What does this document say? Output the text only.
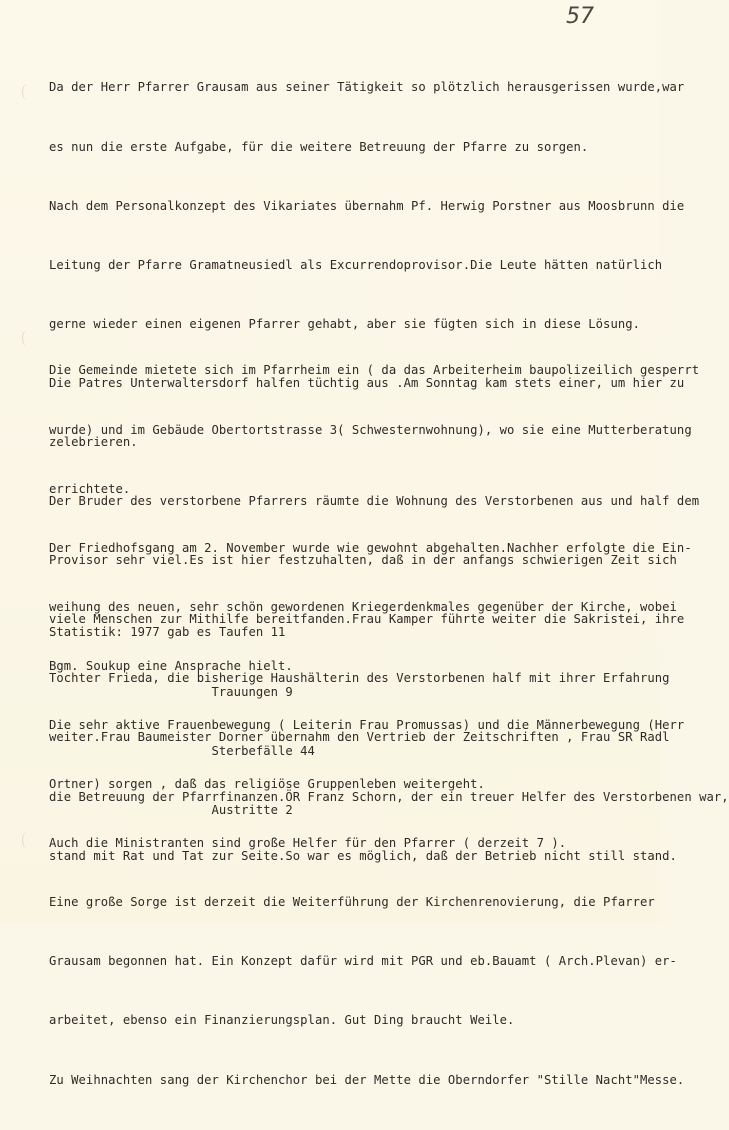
57

Da der Herr Pfarrer Grausam aus seiner Tätigkeit so plötzlich herausgerissen wurde,war

es nun die erste Aufgabe, für die weitere Betreuung der Pfarre zu sorgen.

Nach dem Personalkonzept des Vikariates übernahm Pf. Herwig Porstner aus Moosbrunn die

Leitung der Pfarre Gramatneusiedl als Excurrendoprovisor.Die Leute hätten natürlich

gerne wieder einen eigenen Pfarrer gehabt, aber sie fügten sich in diese Lösung.

Die Patres Unterwaltersdorf halfen tüchtig aus .Am Sonntag kam stets einer, um hier zu

zelebrieren.

Der Bruder des verstorbene Pfarrers räumte die Wohnung des Verstorbenen aus und half dem

Provisor sehr viel.Es ist hier festzuhalten, daß in der anfangs schwierigen Zeit sich

viele Menschen zur Mithilfe bereitfanden.Frau Kamper führte weiter die Sakristei, ihre

Tochter Frieda, die bisherige Haushälterin des Verstorbenen half mit ihrer Erfahrung

weiter.Frau Baumeister Dorner übernahm den Vertrieb der Zeitschriften , Frau SR Radl

die Betreuung der Pfarrfinanzen.ÖR Franz Schorn, der ein treuer Helfer des Verstorbenen war,

stand mit Rat und Tat zur Seite.So war es möglich, daß der Betrieb nicht still stand.

Die Gemeinde mietete sich im Pfarrheim ein ( da das Arbeiterheim baupolizeilich gesperrt

wurde) und im Gebäude Obertortstrasse 3( Schwesternwohnung), wo sie eine Mutterberatung

errichtete.

Der Friedhofsgang am 2. November wurde wie gewohnt abgehalten.Nachher erfolgte die Ein-

weihung des neuen, sehr schön gewordenen Kriegerdenkmales gegenüber der Kirche, wobei

Bgm. Soukup eine Ansprache hielt.

Die sehr aktive Frauenbewegung ( Leiterin Frau Promussas) und die Männerbewegung (Herr

Ortner) sorgen , daß das religiöse Gruppenleben weitergeht.

Auch die Ministranten sind große Helfer für den Pfarrer ( derzeit 7 ).

Eine große Sorge ist derzeit die Weiterführung der Kirchenrenovierung, die Pfarrer

Grausam begonnen hat. Ein Konzept dafür wird mit PGR und eb.Bauamt ( Arch.Plevan) er-

arbeitet, ebenso ein Finanzierungsplan. Gut Ding braucht Weile.

Zu Weihnachten sang der Kirchenchor bei der Mette die Oberndorfer "Stille Nacht"Messe.

Statistik: 1977 gab es Taufen 11

Trauungen 9

Sterbefälle 44

Austritte 2
